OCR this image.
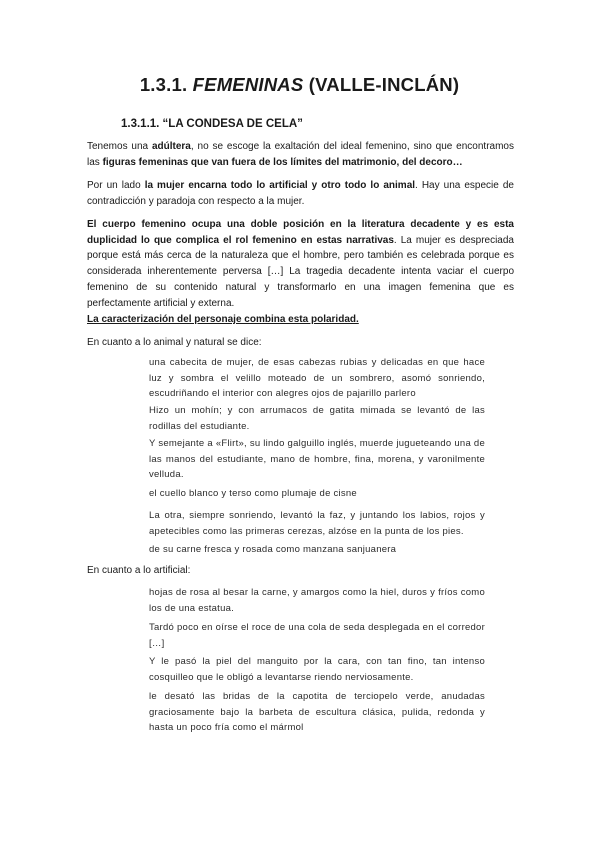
1.3.1. FEMENINAS (VALLE-INCLÁN)
1.3.1.1. “LA CONDESA DE CELA”
Tenemos una adúltera, no se escoge la exaltación del ideal femenino, sino que encontramos las figuras femeninas que van fuera de los límites del matrimonio, del decoro…
Por un lado la mujer encarna todo lo artificial y otro todo lo animal. Hay una especie de contradicción y paradoja con respecto a la mujer.
El cuerpo femenino ocupa una doble posición en la literatura decadente y es esta duplicidad lo que complica el rol femenino en estas narrativas. La mujer es despreciada porque está más cerca de la naturaleza que el hombre, pero también es celebrada porque es considerada inherentemente perversa […] La tragedia decadente intenta vaciar el cuerpo femenino de su contenido natural y transformarlo en una imagen femenina que es perfectamente artificial y externa.
La caracterización del personaje combina esta polaridad.
En cuanto a lo animal y natural se dice:
una cabecita de mujer, de esas cabezas rubias y delicadas en que hace luz y sombra el velillo moteado de un sombrero, asomó sonriendo, escudriñando el interior con alegres ojos de pajarillo parlero
Hizo un mohín; y con arrumacos de gatita mimada se levantó de las rodillas del estudiante.
Y semejante a «Flirt», su lindo galguillo inglés, muerde jugueteando una de las manos del estudiante, mano de hombre, fina, morena, y varonilmente velluda.
el cuello blanco y terso como plumaje de cisne
La otra, siempre sonriendo, levantó la faz, y juntando los labios, rojos y apetecibles como las primeras cerezas, alzóse en la punta de los pies.
de su carne fresca y rosada como manzana sanjuanera
En cuanto a lo artificial:
hojas de rosa al besar la carne, y amargos como la hiel, duros y fríos como los de una estatua.
Tardó poco en oírse el roce de una cola de seda desplegada en el corredor […]
Y le pasó la piel del manguito por la cara, con tan fino, tan intenso cosquilleo que le obligó a levantarse riendo nerviosamente.
le desató las bridas de la capotita de terciopelo verde, anudadas graciosamente bajo la barbeta de escultura clásica, pulida, redonda y hasta un poco fría como el mármol
